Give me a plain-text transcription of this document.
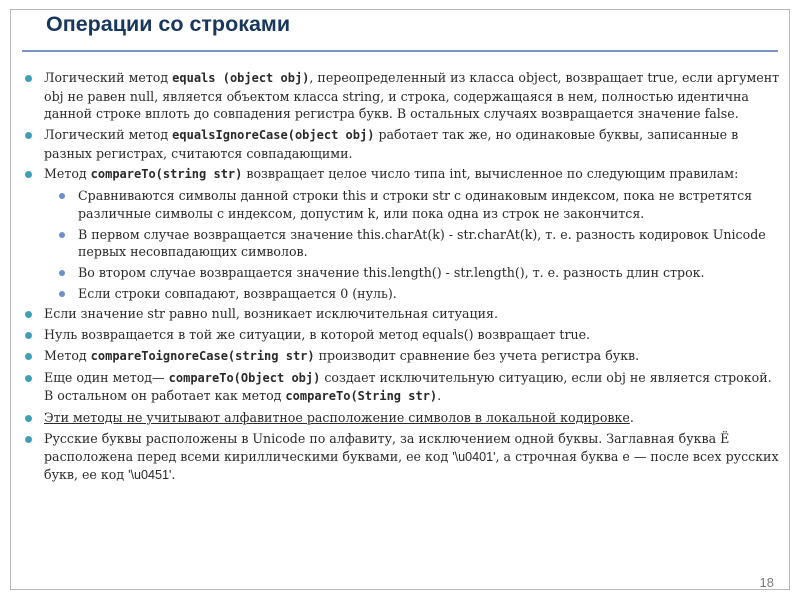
Операции со строками
Логический метод equals (object obj), переопределенный из класса object, возвращает true, если аргумент obj не равен null, является объектом класса string, и строка, содержащаяся в нем, полностью идентична данной строке вплоть до совпадения регистра букв. В остальных случаях возвращается значение false.
Логический метод equalsIgnoreCase(object obj) работает так же, но одинаковые буквы, записанные в разных регистрах, считаются совпадающими.
Метод compareTo(string str) возвращает целое число типа int, вычисленное по следующим правилам:
Сравниваются символы данной строки this и строки str с одинаковым индексом, пока не встретятся различные символы с индексом, допустим k, или пока одна из строк не закончится.
В первом случае возвращается значение this.charAt(k) - str.charAt(k), т. е. разность кодировок Unicode первых несовпадающих символов.
Во втором случае возвращается значение this.length() - str.length(), т. е. разность длин строк.
Если строки совпадают, возвращается 0 (нуль).
Если значение str равно null, возникает исключительная ситуация.
Нуль возвращается в той же ситуации, в которой метод equals() возвращает true.
Метод compareToignoreCase(string str) производит сравнение без учета регистра букв.
Еще один метод— compareTo(Object obj) создает исключительную ситуацию, если obj не является строкой. В остальном он работает как метод compareTo(String str).
Эти методы не учитывают алфавитное расположение символов в локальной кодировке.
Русские буквы расположены в Unicode по алфавиту, за исключением одной буквы. Заглавная буква Ё расположена перед всеми кириллическими буквами, ее код '\u0401', а строчная буква е — после всех русских букв, ее код '\u0451'.
18
